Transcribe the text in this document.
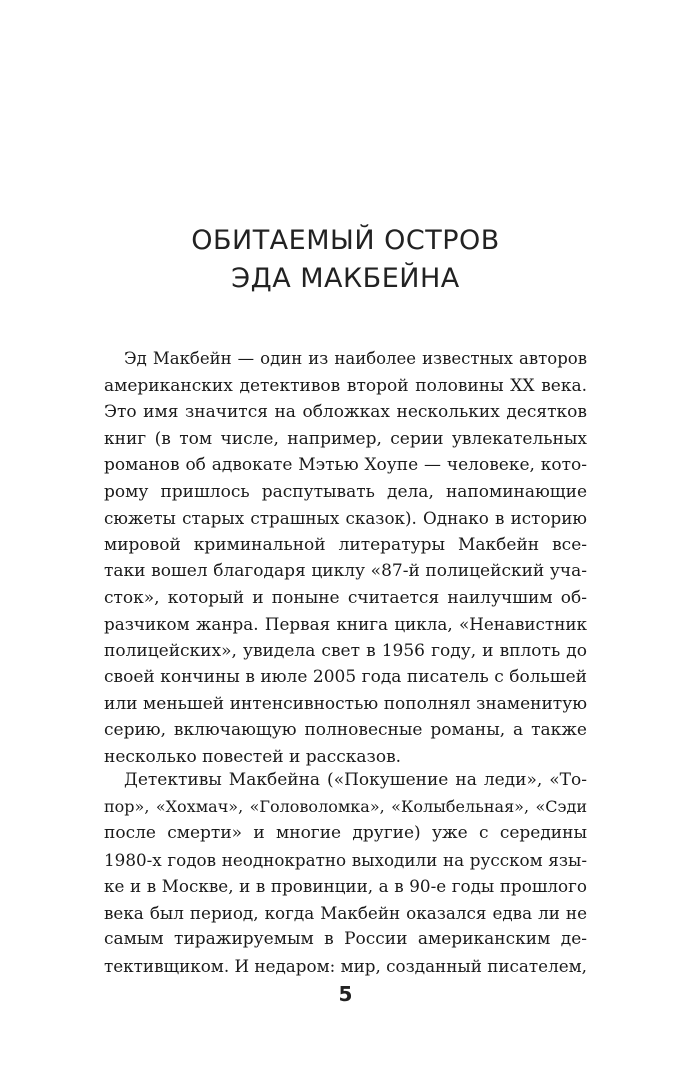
ОБИТАЕМЫЙ ОСТРОВ
ЭДА МАКБЕЙНА
Эд Макбейн — один из наиболее известных авторов
американских детективов второй половины XX века.
Это имя значится на обложках нескольких десятков
книг (в том числе, например, серии увлекательных
романов об адвокате Мэтью Хоупе — человеке, кото-
рому пришлось распутывать дела, напоминающие
сюжеты старых страшных сказок). Однако в историю
мировой криминальной литературы Макбейн все-
таки вошел благодаря циклу «87-й полицейский уча-
сток», который и поныне считается наилучшим об-
разчиком жанра. Первая книга цикла, «Ненавистник
полицейских», увидела свет в 1956 году, и вплоть до
своей кончины в июле 2005 года писатель с большей
или меньшей интенсивностью пополнял знаменитую
серию, включающую полновесные романы, а также
несколько повестей и рассказов.
Детективы Макбейна («Покушение на леди», «То-
пор», «Хохмач», «Головоломка», «Колыбельная», «Сэди
после смерти» и многие другие) уже с середины
1980-х годов неоднократно выходили на русском язы-
ке и в Москве, и в провинции, а в 90-е годы прошлого
века был период, когда Макбейн оказался едва ли не
самым тиражируемым в России американским де-
тективщиком. И недаром: мир, созданный писателем,
5
